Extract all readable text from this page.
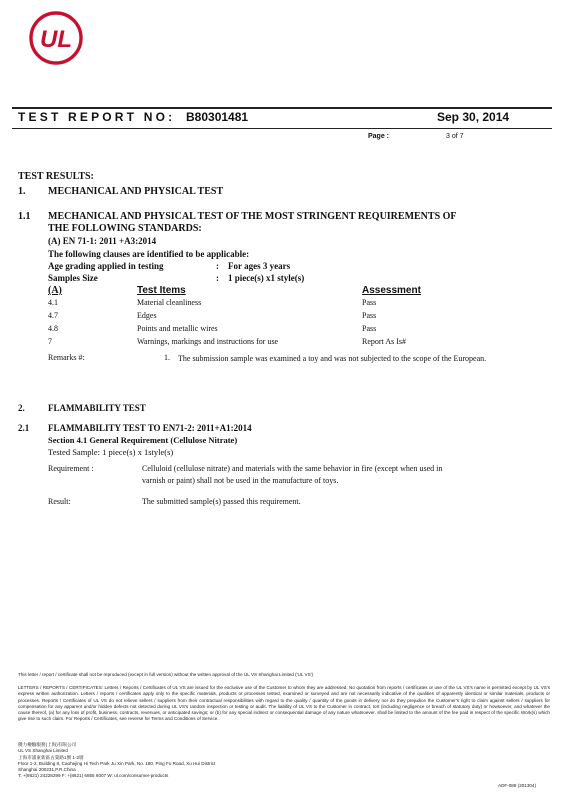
UL
TEST REPORT NO: B80301481	Sep 30, 2014
Page :	3 of 7
TEST RESULTS:
1. MECHANICAL AND PHYSICAL TEST
1.1 MECHANICAL AND PHYSICAL TEST OF THE MOST STRINGENT REQUIREMENTS OF
THE FOLLOWING STANDARDS:
(A) EN 71-1: 2011 +A3:2014
The following clauses are identified to be applicable:
Age grading applied in testing	: For ages 3 years
Samples Size	: 1 piece(s) x1 style(s)
(A)	Test Items	Assessment
4.1	Material cleanliness	Pass
4.7	Edges	Pass
4.8	Points and metallic wires	Pass
7	Warnings, markings and instructions for use	Report As Is#
Remarks #:	1. The submission sample was examined a toy and was not subjected to the scope of the European.
2.	FLAMMABILITY TEST
2.1 FLAMMABILITY TEST TO EN71-2: 2011+A1:2014
Section 4.1 General Requirement (Cellulose Nitrate)
Tested Sample: 1 piece(s) x 1style(s)
Requirement :	Celluloid (cellulose nitrate) and materials with the same behavior in fire (except when used in
varnish or paint) shall not be used in the manufacture of toys.
Result:	The submitted sample(s) passed this requirement.
This letter / report / certificate shall not be reproduced (except in full version) without the written approval of the UL VS Shanghai Limited ('UL VS')
LETTERS / REPORTS / CERTIFICATES: Letters / Reports / Certificates of UL VS are issued for the exclusive use of the Customer to whom they are addressed. No quotation from reports / certificates or use of the UL VS's name is permitted except by UL VS's express written authorization. Letters / reports / certificates apply only to the specific materials, products or processes tested, examined or surveyed and are not necessarily indicative of the qualities of apparently identical or similar materials, products or processes. Reports / Certificates of UL VS do not relieve sellers / suppliers from their contractual responsibilities with regard to the quality / quantity of the goods in delivery nor do they prejudice the Customer's right to claim against sellers / suppliers for compensation for any apparent and/or hidden defects not detected during UL VS's random inspection or testing or audit. The liability of UL VS to the Customer in contract, tort (including negligence or breach of statutory duty) or howsoever, and whatever the cause thereof, (a) for any loss of profit, business, contracts, revenues, or anticipated savings; or (b) for any special indirect or consequential damage of any nature whatsoever, shall be limited to the amount of the fee paid in respect of the specific Work(s) which give rise to such claim. For Reports / Certificates, see reverse for Terms and Conditions of Service.
優力檢驗服務(上海)有限公司
UL VS Shanghai Limited
上海市浦東新區古棠路1號 1-2層
Floor 1-2, Building 8, Caohejing Hi Tech Park Ju Xin Park, No. 180, Ping Fu Road, Xu Hui District
Shanghai 200231,P.R.China
T: +(8621) 24228299 F: +(8621) 6855 6007 W: ul.com/consumer-products
ADF-088 (201304)
